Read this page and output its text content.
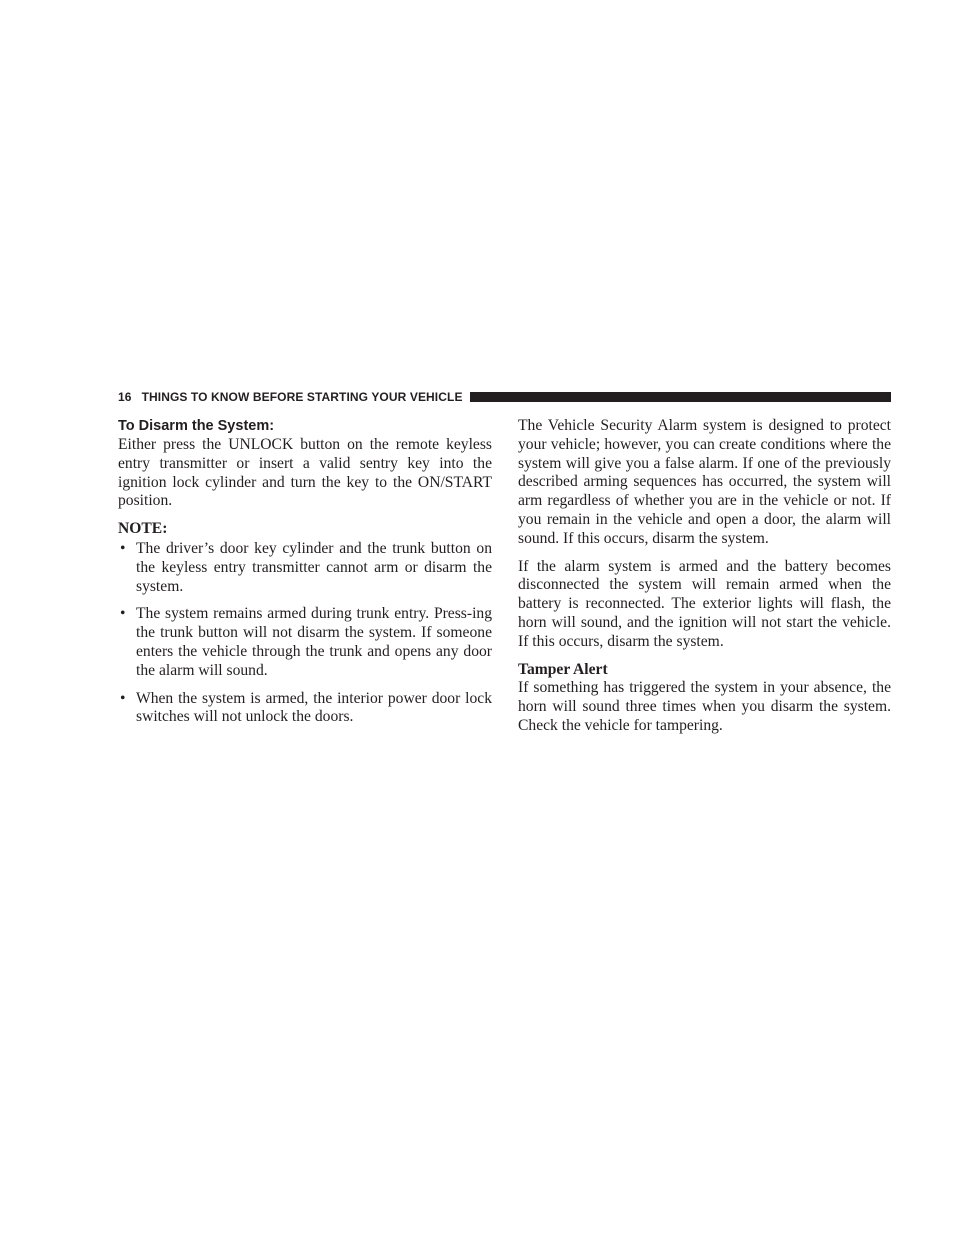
16 THINGS TO KNOW BEFORE STARTING YOUR VEHICLE
To Disarm the System:

Either press the UNLOCK button on the remote keyless entry transmitter or insert a valid sentry key into the ignition lock cylinder and turn the key to the ON/START position.

NOTE:
• The driver’s door key cylinder and the trunk button on the keyless entry transmitter cannot arm or disarm the system.
• The system remains armed during trunk entry. Press-ing the trunk button will not disarm the system. If someone enters the vehicle through the trunk and opens any door the alarm will sound.
• When the system is armed, the interior power door lock switches will not unlock the doors.

The Vehicle Security Alarm system is designed to protect your vehicle; however, you can create conditions where the system will give you a false alarm. If one of the previously described arming sequences has occurred, the system will arm regardless of whether you are in the vehicle or not. If you remain in the vehicle and open a door, the alarm will sound. If this occurs, disarm the system.

If the alarm system is armed and the battery becomes disconnected the system will remain armed when the battery is reconnected. The exterior lights will flash, the horn will sound, and the ignition will not start the vehicle. If this occurs, disarm the system.

Tamper Alert

If something has triggered the system in your absence, the horn will sound three times when you disarm the system. Check the vehicle for tampering.
